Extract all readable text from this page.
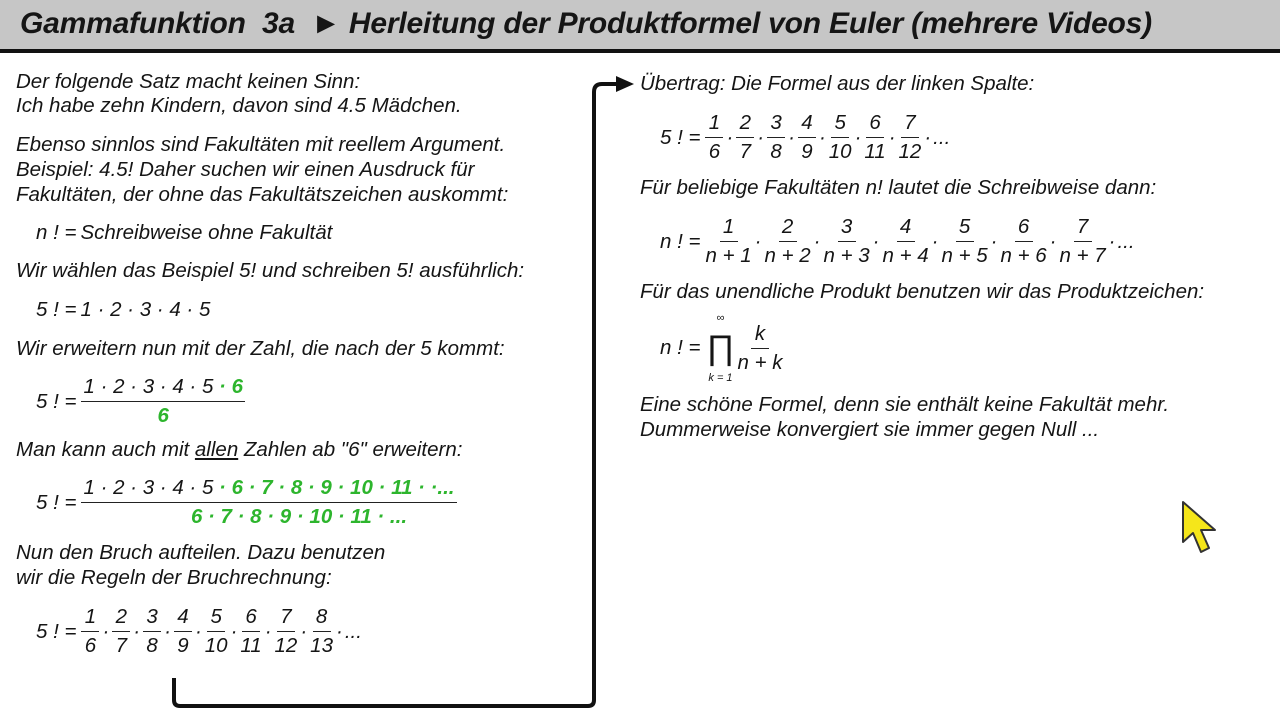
Gammafunktion  3a  ► Herleitung der Produktformel von Euler (mehrere Videos)
Der folgende Satz macht keinen Sinn:
Ich habe zehn Kindern, davon sind 4.5 Mädchen.
Ebenso sinnlos sind Fakultäten mit reellem Argument.
Beispiel: 4.5! Daher suchen wir einen Ausdruck für
Fakultäten, der ohne das Fakultätszeichen auskommt:
n ! = Schreibweise ohne Fakultät
Wir wählen das Beispiel 5! und schreiben 5! ausführlich:
5 ! = 1 · 2 · 3 · 4 · 5
Wir erweitern nun mit der Zahl, die nach der 5 kommt:
5 ! = $\frac{1 \cdot 2 \cdot 3 \cdot 4 \cdot 5 \cdot 6}{6}$
Man kann auch mit allen Zahlen ab "6" erweitern:
5 ! = $\frac{1 \cdot 2 \cdot 3 \cdot 4 \cdot 5 \cdot 6 \cdot 7 \cdot 8 \cdot 9 \cdot 10 \cdot 11 \cdot \cdot...}{6 \cdot 7 \cdot 8 \cdot 9 \cdot 10 \cdot 11 \cdot ...}$
Nun den Bruch aufteilen. Dazu benutzen
wir die Regeln der Bruchrechnung:
5 ! = $\frac{1}{6} \cdot \frac{2}{7} \cdot \frac{3}{8} \cdot \frac{4}{9} \cdot \frac{5}{10} \cdot \frac{6}{11} \cdot \frac{7}{12} \cdot \frac{8}{13}$ · ...
Übertrag: Die Formel aus der linken Spalte:
5 ! = $\frac{1}{6} \cdot \frac{2}{7} \cdot \frac{3}{8} \cdot \frac{4}{9} \cdot \frac{5}{10} \cdot \frac{6}{11} \cdot \frac{7}{12}$ · ...
Für beliebige Fakultäten n! lautet die Schreibweise dann:
n ! = $\frac{1}{n + 1} \cdot \frac{2}{n + 2} \cdot \frac{3}{n + 3} \cdot \frac{4}{n + 4} \cdot \frac{5}{n + 5} \cdot \frac{6}{n + 6} \cdot \frac{7}{n + 7}$ · ...
Für das unendliche Produkt benutzen wir das Produktzeichen:
n ! =
∞
∏
k = 1
$\frac{k}{n + k}$
Eine schöne Formel, denn sie enthält keine Fakultät mehr.
Dummerweise konvergiert sie immer gegen Null ...
